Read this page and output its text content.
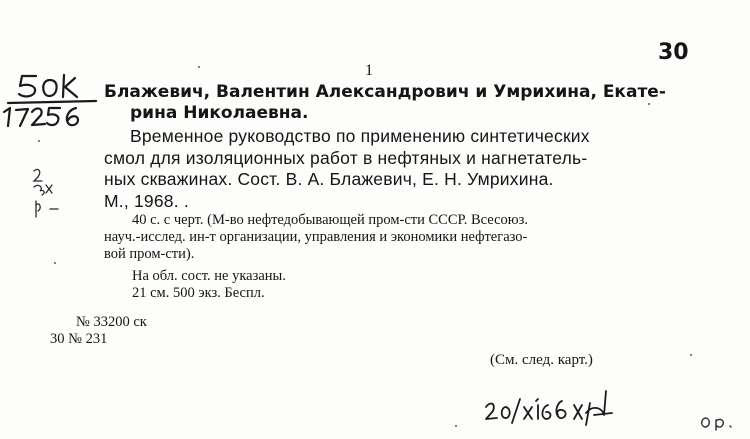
30
1
Блажевич, Валентин Александрович и Умрихина, Екате-
рина Николаевна.
Временное руководство по применению синтетических
смол для изоляционных работ в нефтяных и нагнетатель-
ных скважинах. Сост. В. А. Блажевич, Е. Н. Умрихина.
М., 1968. .
40 с. с черт. (М-во нефтедобывающей пром-сти СССР. Всесоюз.
науч.-исслед. ин-т организации, управления и экономики нефтегазо-
вой пром-сти).
На обл. сост. не указаны.
21 см. 500 экз. Беспл.
№ 33200 ск
30 № 231
(См. след. карт.)
